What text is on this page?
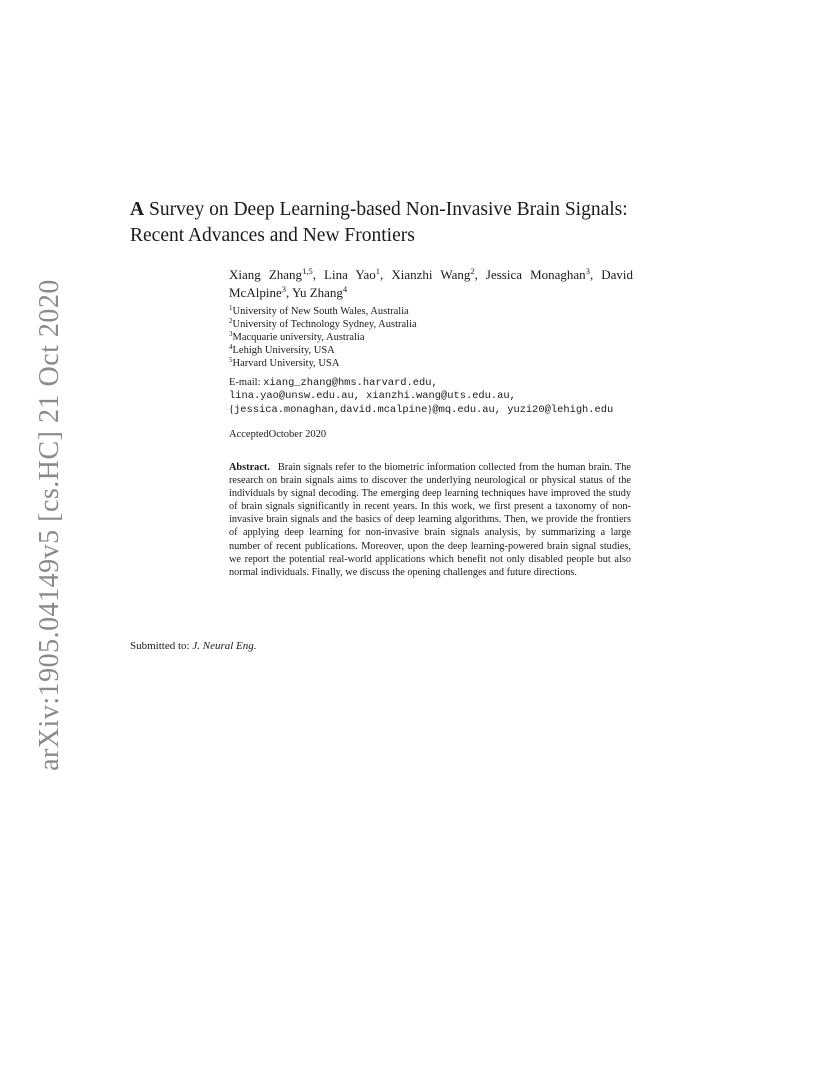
arXiv:1905.04149v5 [cs.HC] 21 Oct 2020
A Survey on Deep Learning-based Non-Invasive Brain Signals:
Recent Advances and New Frontiers
Xiang Zhang$^{1,5}$, Lina Yao$^1$, Xianzhi Wang$^2$, Jessica Monaghan$^3$, David
McAlpine$^3$, Yu Zhang$^4$
$^1$University of New South Wales, Australia
$^2$University of Technology Sydney, Australia
$^3$Macquarie university, Australia
$^4$Lehigh University, USA
$^5$Harvard University, USA
E-mail: xiang_zhang@hms.harvard.edu,
lina.yao@unsw.edu.au, xianzhi.wang@uts.edu.au,
{jessica.monaghan,david.mcalpine}@mq.edu.au, yuzi20@lehigh.edu
AcceptedOctober 2020

Abstract. Brain signals refer to the biometric information collected from the human brain. The research on brain signals aims to discover the underlying neurological or physical status of the individuals by signal decoding. The emerging deep learning techniques have improved the study of brain signals significantly in recent years. In this work, we first present a taxonomy of non-invasive brain signals and the basics of deep learning algorithms. Then, we provide the frontiers of applying deep learning for non-invasive brain signals analysis, by summarizing a large number of recent publications. Moreover, upon the deep learning-powered brain signal studies, we report the potential real-world applications which benefit not only disabled people but also normal individuals. Finally, we discuss the opening challenges and future directions.

Submitted to: J. Neural Eng.
